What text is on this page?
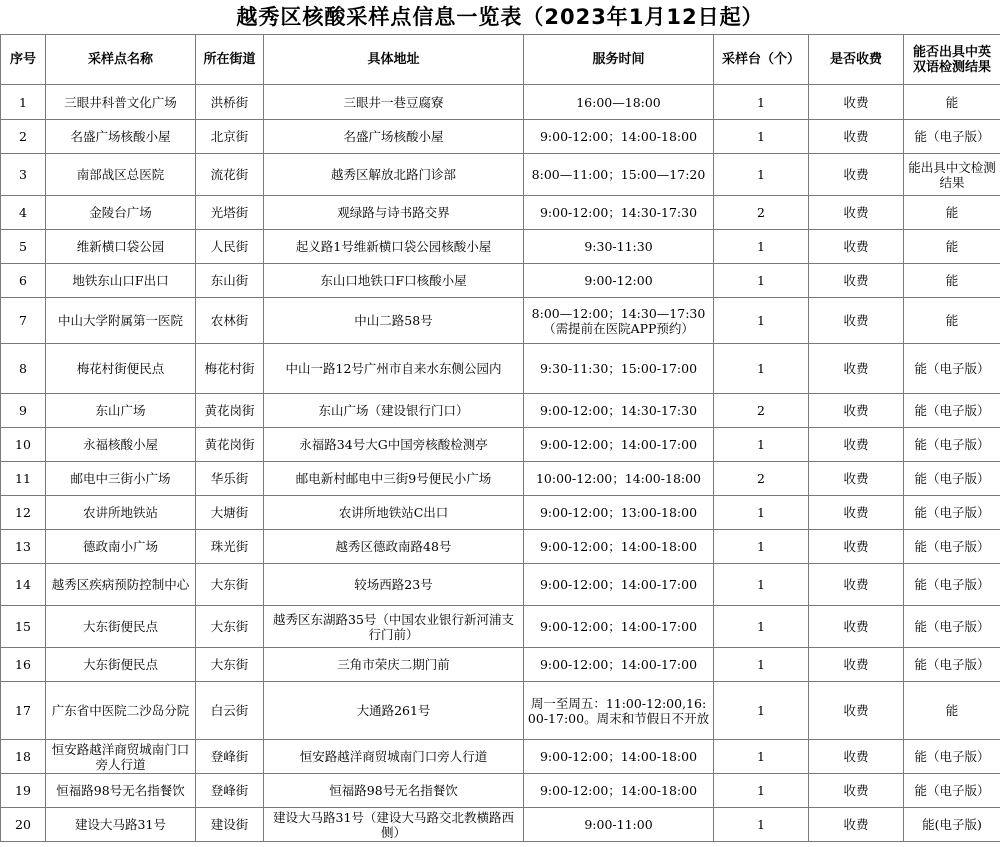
越秀区核酸采样点信息一览表（2023年1月12日起）
序号	采样点名称	所在街道	具体地址	服务时间	采样台（个）	是否收费	能否出具中英双语检测结果
1	三眼井科普文化广场	洪桥街	三眼井一巷豆腐寮	16:00—18:00	1	收费	能
2	名盛广场核酸小屋	北京街	名盛广场核酸小屋	9:00-12:00；14:00-18:00	1	收费	能（电子版）
3	南部战区总医院	流花街	越秀区解放北路门诊部	8:00—11:00；15:00—17:20	1	收费	能出具中文检测结果
4	金陵台广场	光塔街	观绿路与诗书路交界	9:00-12:00；14:30-17:30	2	收费	能
5	维新横口袋公园	人民街	起义路1号维新横口袋公园核酸小屋	9:30-11:30	1	收费	能
6	地铁东山口F出口	东山街	东山口地铁口F口核酸小屋	9:00-12:00	1	收费	能
7	中山大学附属第一医院	农林街	中山二路58号	8:00—12:00；14:30—17:30（需提前在医院APP预约）	1	收费	能
8	梅花村街便民点	梅花村街	中山一路12号广州市自来水东侧公园内	9:30-11:30；15:00-17:00	1	收费	能（电子版）
9	东山广场	黄花岗街	东山广场（建设银行门口）	9:00-12:00；14:30-17:30	2	收费	能（电子版）
10	永福核酸小屋	黄花岗街	永福路34号大G中国旁核酸检测亭	9:00-12:00；14:00-17:00	1	收费	能（电子版）
11	邮电中三街小广场	华乐街	邮电新村邮电中三街9号便民小广场	10:00-12:00；14:00-18:00	2	收费	能（电子版）
12	农讲所地铁站	大塘街	农讲所地铁站C出口	9:00-12:00；13:00-18:00	1	收费	能（电子版）
13	德政南小广场	珠光街	越秀区德政南路48号	9:00-12:00；14:00-18:00	1	收费	能（电子版）
14	越秀区疾病预防控制中心	大东街	较场西路23号	9:00-12:00；14:00-17:00	1	收费	能（电子版）
15	大东街便民点	大东街	越秀区东湖路35号（中国农业银行新河浦支行门前）	9:00-12:00；14:00-17:00	1	收费	能（电子版）
16	大东街便民点	大东街	三角市荣庆二期门前	9:00-12:00；14:00-17:00	1	收费	能（电子版）
17	广东省中医院二沙岛分院	白云街	大通路261号	周一至周五：11:00-12:00,16:00-17:00。周末和节假日不开放	1	收费	能
18	恒安路越洋商贸城南门口旁人行道	登峰街	恒安路越洋商贸城南门口旁人行道	9:00-12:00；14:00-18:00	1	收费	能（电子版）
19	恒福路98号无名指餐饮	登峰街	恒福路98号无名指餐饮	9:00-12:00；14:00-18:00	1	收费	能（电子版）
20	建设大马路31号	建设街	建设大马路31号（建设大马路交北教横路西侧）	9:00-11:00	1	收费	能(电子版)
